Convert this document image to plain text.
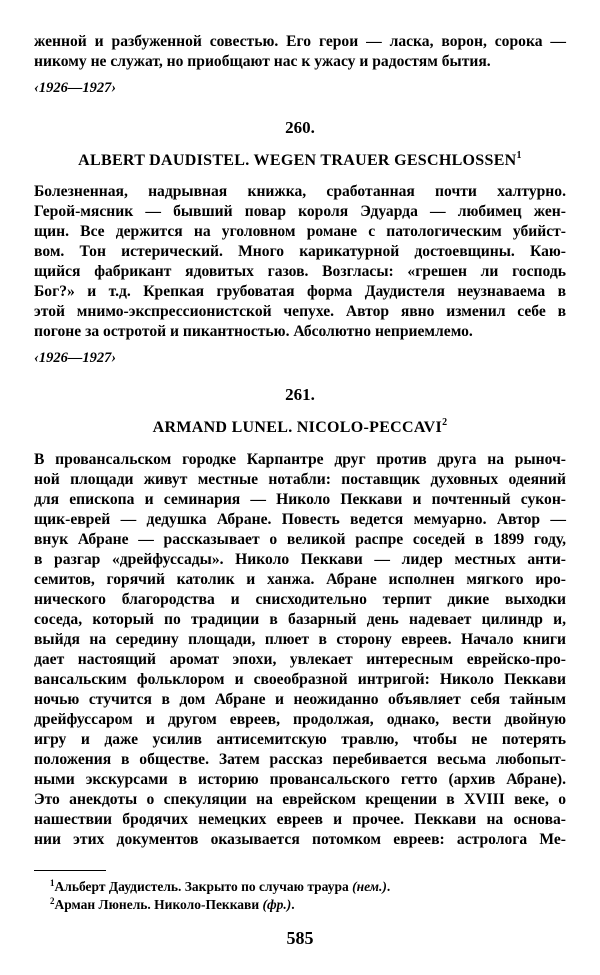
женной и разбуженной совестью. Его герои — ласка, ворон, сорока —
никому не служат, но приобщают нас к ужасу и радостям бытия.
‹1926—1927›
260.
ALBERT DAUDISTEL. WEGEN TRAUER GESCHLOSSEN$^1$
Болезненная, надрывная книжка, сработанная почти халтурно.
Герой-мясник — бывший повар короля Эдуарда — любимец жен-
щин. Все держится на уголовном романе с патологическим убийст-
вом. Тон истерический. Много карикатурной достоевщины. Каю-
щийся фабрикант ядовитых газов. Возгласы: «грешен ли господь
Бог?» и т.д. Крепкая грубоватая форма Даудистеля неузнаваема в
этой мнимо-экспрессионистской чепухе. Автор явно изменил себе в
погоне за остротой и пикантностью. Абсолютно неприемлемо.
‹1926—1927›
261.
ARMAND LUNEL. NICOLO-PECCAVI$^2$
В провансальском городке Карпантре друг против друга на рыноч-
ной площади живут местные нотабли: поставщик духовных одеяний
для епископа и семинария — Николо Пеккави и почтенный сукон-
щик-еврей — дедушка Абране. Повесть ведется мемуарно. Автор —
внук Абране — рассказывает о великой распре соседей в 1899 году,
в разгар «дрейфуссады». Николо Пеккави — лидер местных анти-
семитов, горячий католик и ханжа. Абране исполнен мягкого иро-
нического благородства и снисходительно терпит дикие выходки
соседа, который по традиции в базарный день надевает цилиндр и,
выйдя на середину площади, плюет в сторону евреев. Начало книги
дает настоящий аромат эпохи, увлекает интересным еврейско-про-
вансальским фольклором и своеобразной интригой: Николо Пеккави
ночью стучится в дом Абране и неожиданно объявляет себя тайным
дрейфуссаром и другом евреев, продолжая, однако, вести двойную
игру и даже усилив антисемитскую травлю, чтобы не потерять
положения в обществе. Затем рассказ перебивается весьма любопыт-
ными экскурсами в историю провансальского гетто (архив Абране).
Это анекдоты о спекуляции на еврейском крещении в XVIII веке, о
нашествии бродячих немецких евреев и прочее. Пеккави на основа-
нии этих документов оказывается потомком евреев: астролога Ме-
$^1$Альберт Даудистель. Закрыто по случаю траура (нем.).
$^2$Арман Люнель. Николо-Пеккави (фр.).
585
